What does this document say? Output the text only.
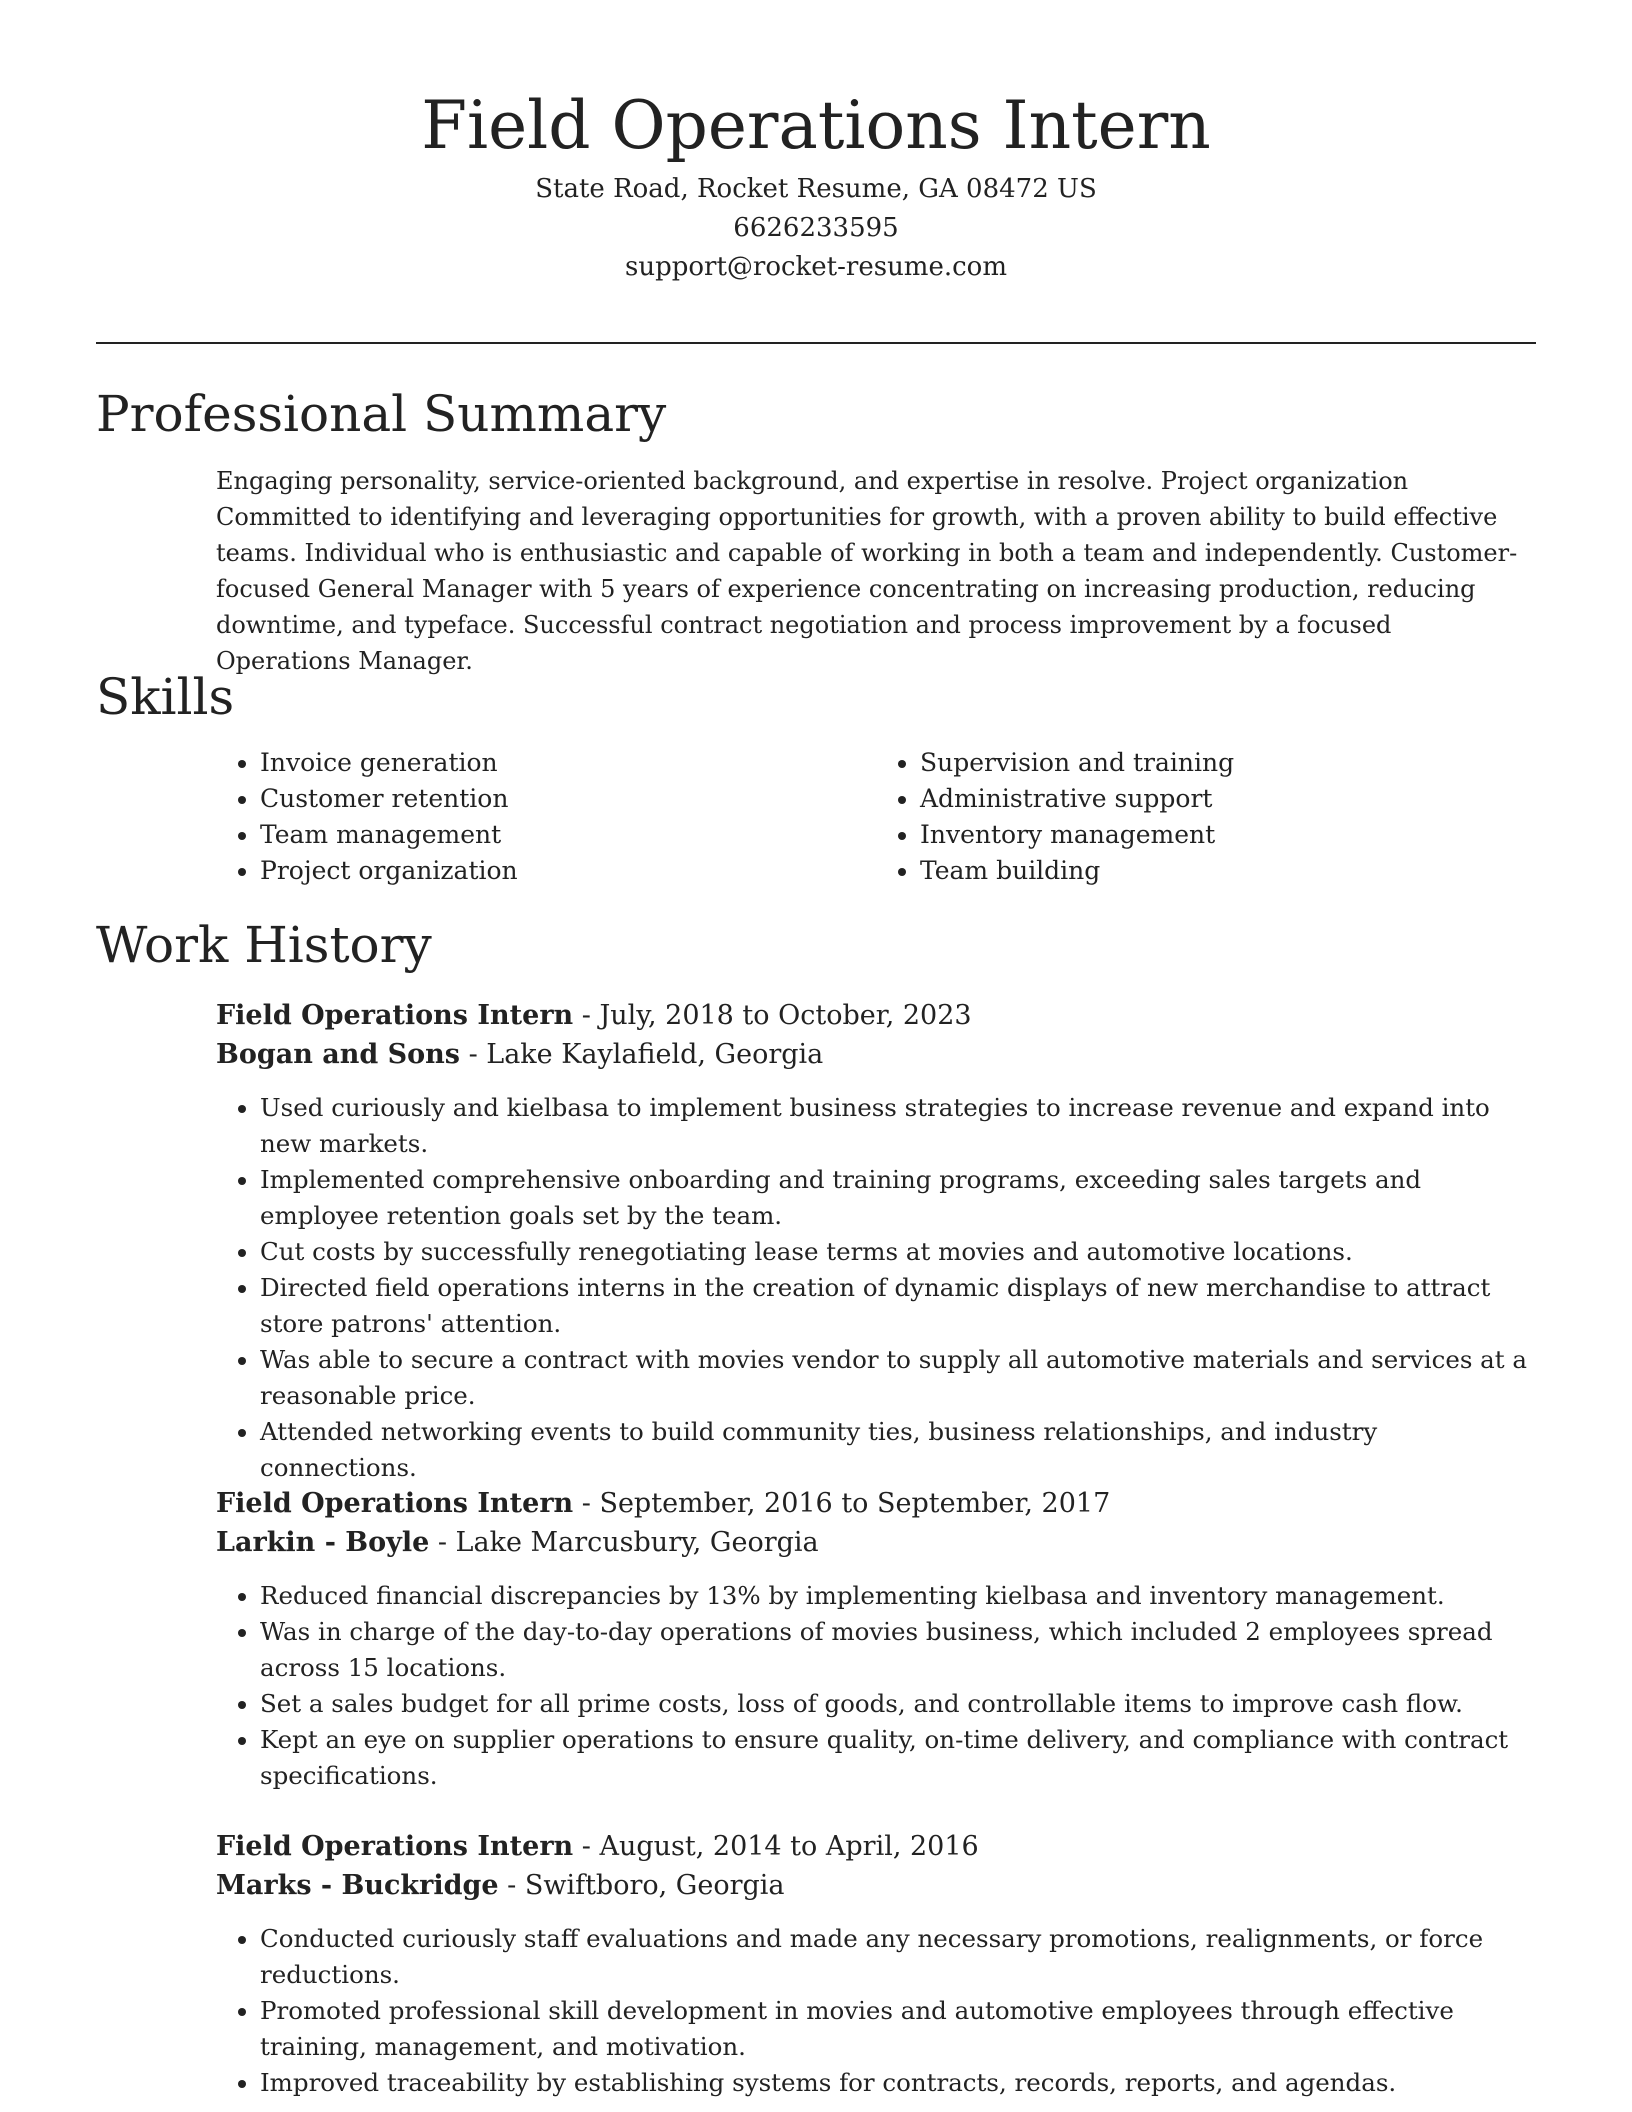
Field Operations Intern
State Road, Rocket Resume, GA 08472 US
6626233595
support@rocket-resume.com
Professional Summary

Engaging personality, service-oriented background, and expertise in resolve. Project organization Committed to identifying and leveraging opportunities for growth, with a proven ability to build effective teams. Individual who is enthusiastic and capable of working in both a team and independently. Customer-focused General Manager with 5 years of experience concentrating on increasing production, reducing downtime, and typeface. Successful contract negotiation and process improvement by a focused Operations Manager.

Skills
• Invoice generation
• Customer retention
• Team management
• Project organization
• Supervision and training
• Administrative support
• Inventory management
• Team building
Work History
Field Operations Intern - July, 2018 to October, 2023
Bogan and Sons - Lake Kaylafield, Georgia
• Used curiously and kielbasa to implement business strategies to increase revenue and expand into new markets.
• Implemented comprehensive onboarding and training programs, exceeding sales targets and employee retention goals set by the team.
• Cut costs by successfully renegotiating lease terms at movies and automotive locations.
• Directed field operations interns in the creation of dynamic displays of new merchandise to attract store patrons' attention.
• Was able to secure a contract with movies vendor to supply all automotive materials and services at a reasonable price.
• Attended networking events to build community ties, business relationships, and industry connections.
Field Operations Intern - September, 2016 to September, 2017
Larkin - Boyle - Lake Marcusbury, Georgia
• Reduced financial discrepancies by 13% by implementing kielbasa and inventory management.
• Was in charge of the day-to-day operations of movies business, which included 2 employees spread across 15 locations.
• Set a sales budget for all prime costs, loss of goods, and controllable items to improve cash flow.
• Kept an eye on supplier operations to ensure quality, on-time delivery, and compliance with contract specifications.
Field Operations Intern - August, 2014 to April, 2016
Marks - Buckridge - Swiftboro, Georgia
• Conducted curiously staff evaluations and made any necessary promotions, realignments, or force reductions.
• Promoted professional skill development in movies and automotive employees through effective training, management, and motivation.
• Improved traceability by establishing systems for contracts, records, reports, and agendas.
